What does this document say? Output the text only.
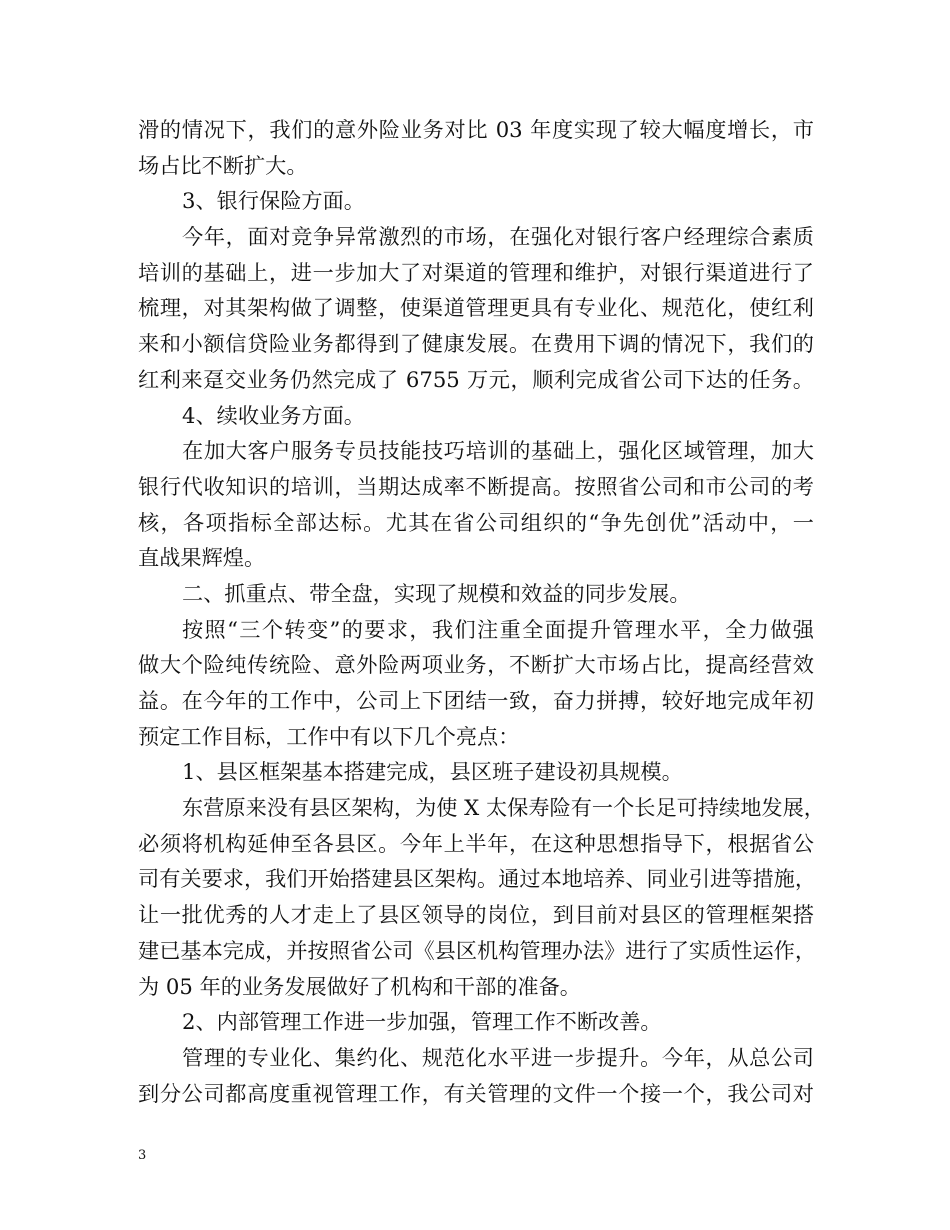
滑的情况下，我们的意外险业务对比 03 年度实现了较大幅度增长，市
场占比不断扩大。
3、银行保险方面。
今年，面对竞争异常激烈的市场，在强化对银行客户经理综合素质
培训的基础上，进一步加大了对渠道的管理和维护，对银行渠道进行了
梳理，对其架构做了调整，使渠道管理更具有专业化、规范化，使红利
来和小额信贷险业务都得到了健康发展。在费用下调的情况下，我们的
红利来趸交业务仍然完成了 6755 万元，顺利完成省公司下达的任务。
4、续收业务方面。
在加大客户服务专员技能技巧培训的基础上，强化区域管理，加大
银行代收知识的培训，当期达成率不断提高。按照省公司和市公司的考
核，各项指标全部达标。尤其在省公司组织的“争先创优”活动中，一
直战果辉煌。
二、抓重点、带全盘，实现了规模和效益的同步发展。
按照“三个转变”的要求，我们注重全面提升管理水平，全力做强
做大个险纯传统险、意外险两项业务，不断扩大市场占比，提高经营效
益。在今年的工作中，公司上下团结一致，奋力拼搏，较好地完成年初
预定工作目标，工作中有以下几个亮点：
1、县区框架基本搭建完成，县区班子建设初具规模。
东营原来没有县区架构，为使 X 太保寿险有一个长足可持续地发展，
必须将机构延伸至各县区。今年上半年，在这种思想指导下，根据省公
司有关要求，我们开始搭建县区架构。通过本地培养、同业引进等措施，
让一批优秀的人才走上了县区领导的岗位，到目前对县区的管理框架搭
建已基本完成，并按照省公司《县区机构管理办法》进行了实质性运作，
为 05 年的业务发展做好了机构和干部的准备。
2、内部管理工作进一步加强，管理工作不断改善。
管理的专业化、集约化、规范化水平进一步提升。今年，从总公司
到分公司都高度重视管理工作，有关管理的文件一个接一个，我公司对
3
